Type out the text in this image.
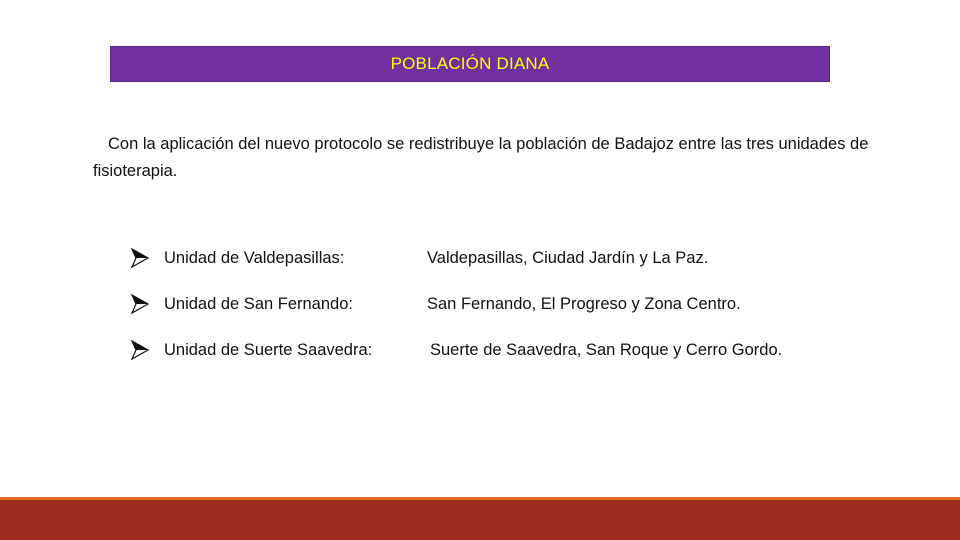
POBLACIÓN DIANA

Con la aplicación del nuevo protocolo se redistribuye la población de Badajoz entre las tres unidades de fisioterapia.

Unidad de Valdepasillas:	Valdepasillas, Ciudad Jardín y La Paz.
Unidad de San Fernando:	San Fernando, El Progreso y Zona Centro.
Unidad de Suerte Saavedra:	Suerte de Saavedra, San Roque y Cerro Gordo.
